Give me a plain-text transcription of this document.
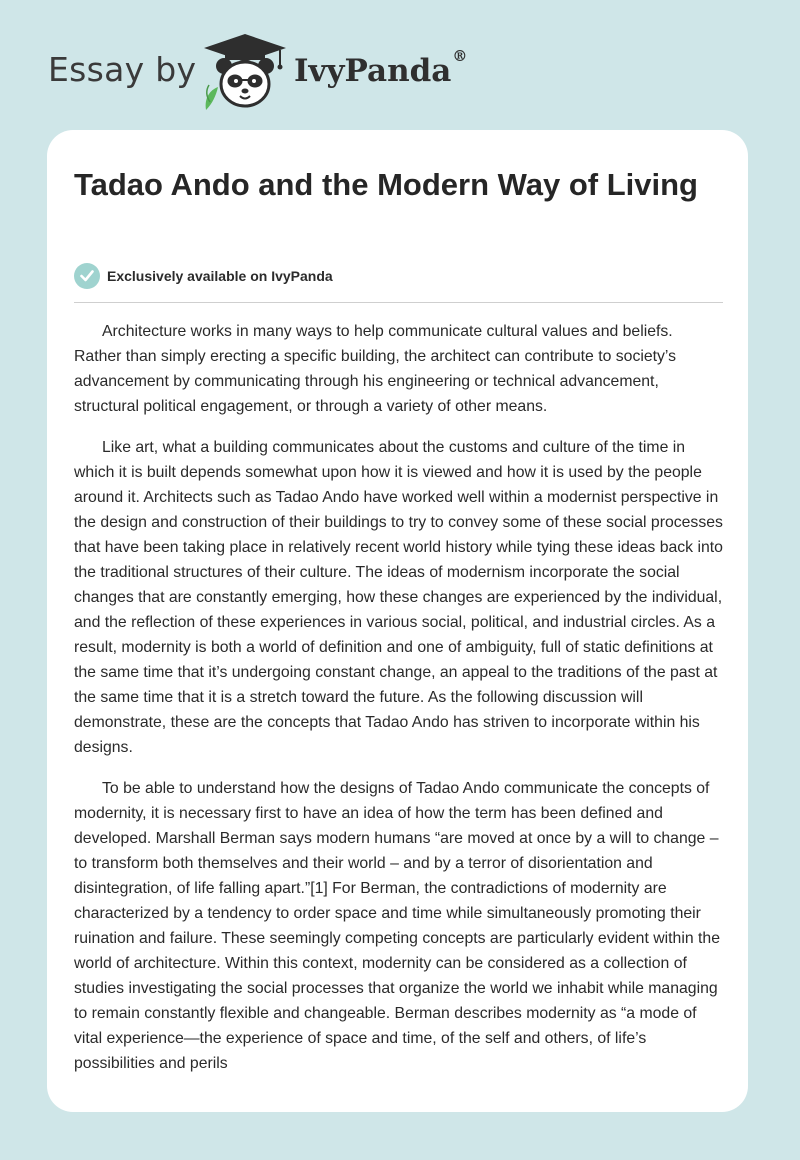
Essay by	IvyPanda®
Tadao Ando and the Modern Way of Living
Exclusively available on IvyPanda

Architecture works in many ways to help communicate cultural values and beliefs. Rather than simply erecting a specific building, the architect can contribute to society’s advancement by communicating through his engineering or technical advancement, structural political engagement, or through a variety of other means.

Like art, what a building communicates about the customs and culture of the time in which it is built depends somewhat upon how it is viewed and how it is used by the people around it. Architects such as Tadao Ando have worked well within a modernist perspective in the design and construction of their buildings to try to convey some of these social processes that have been taking place in relatively recent world history while tying these ideas back into the traditional structures of their culture. The ideas of modernism incorporate the social changes that are constantly emerging, how these changes are experienced by the individual, and the reflection of these experiences in various social, political, and industrial circles. As a result, modernity is both a world of definition and one of ambiguity, full of static definitions at the same time that it’s undergoing constant change, an appeal to the traditions of the past at the same time that it is a stretch toward the future. As the following discussion will demonstrate, these are the concepts that Tadao Ando has striven to incorporate within his designs.

To be able to understand how the designs of Tadao Ando communicate the concepts of modernity, it is necessary first to have an idea of how the term has been defined and developed. Marshall Berman says modern humans “are moved at once by a will to change – to transform both themselves and their world – and by a terror of disorientation and disintegration, of life falling apart.”[1] For Berman, the contradictions of modernity are characterized by a tendency to order space and time while simultaneously promoting their ruination and failure. These seemingly competing concepts are particularly evident within the world of architecture. Within this context, modernity can be considered as a collection of studies investigating the social processes that organize the world we inhabit while managing to remain constantly flexible and changeable. Berman describes modernity as “a mode of vital experience—the experience of space and time, of the self and others, of life’s possibilities and perils
